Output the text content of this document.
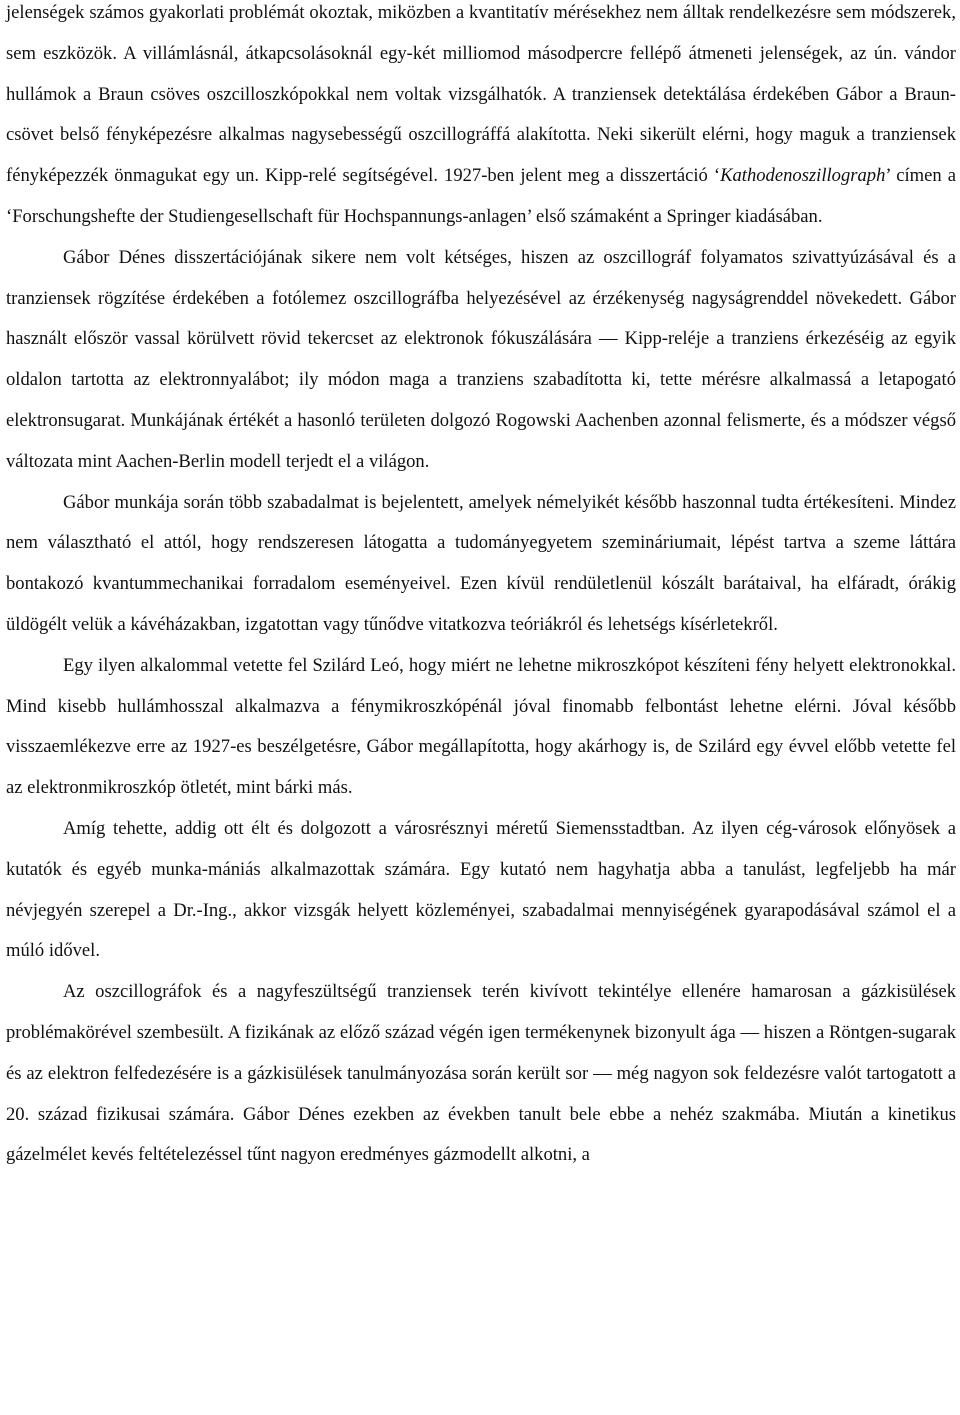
jelenségek számos gyakorlati problémát okoztak, miközben a kvantitatív mérésekhez nem álltak rendelkezésre sem módszerek, sem eszközök. A villámlásnál, átkapcsolásoknál egy-két milliomod másodpercre fellépő átmeneti jelenségek, az ún. vándor hullámok a Braun csöves oszcilloszkópokkal nem voltak vizsgálhatók. A tranziensek detektálása érdekében Gábor a Braun-csövet belső fényképezésre alkalmas nagysebességű oszcillográffá alakította. Neki sikerült elérni, hogy maguk a tranziensek fényképezzék önmagukat egy un. Kipp-relé segítségével. 1927-ben jelent meg a disszertáció ‘Kathodenoszillograph’ címen a ‘Forschungshefte der Studiengesellschaft für Hochspannungs-anlagen’ első számaként a Springer kiadásában.

Gábor Dénes disszertációjának sikere nem volt kétséges, hiszen az oszcillográf folyamatos szivattyúzásával és a tranziensek rögzítése érdekében a fotólemez oszcillográfba helyezésével az érzékenység nagyságrenddel növekedett. Gábor használt először vassal körülvett rövid tekercset az elektronok fókuszálására — Kipp-reléje a tranziens érkezéséig az egyik oldalon tartotta az elektronnyalábot; ily módon maga a tranziens szabadította ki, tette mérésre alkalmassá a letapogató elektronsugarat. Munkájának értékét a hasonló területen dolgozó Rogowski Aachenben azonnal felismerte, és a módszer végső változata mint Aachen-Berlin modell terjedt el a világon.

Gábor munkája során több szabadalmat is bejelentett, amelyek némelyikét később haszonnal tudta értékesíteni. Mindez nem választható el attól, hogy rendszeresen látogatta a tudományegyetem szemináriumait, lépést tartva a szeme láttára bontakozó kvantummechanikai forradalom eseményeivel. Ezen kívül rendületlenül kószált barátaival, ha elfáradt, órákig üldögélt velük a kávéházakban, izgatottan vagy tűnődve vitatkozva teóriákról és lehetségs kísérletekről.

Egy ilyen alkalommal vetette fel Szilárd Leó, hogy miért ne lehetne mikroszkópot készíteni fény helyett elektronokkal. Mind kisebb hullámhosszal alkalmazva a fénymikroszkópénál jóval finomabb felbontást lehetne elérni. Jóval később visszaemlékezve erre az 1927-es beszélgetésre, Gábor megállapította, hogy akárhogy is, de Szilárd egy évvel előbb vetette fel az elektronmikroszkóp ötletét, mint bárki más.

Amíg tehette, addig ott élt és dolgozott a városrésznyi méretű Siemensstadtban. Az ilyen cég-városok előnyösek a kutatók és egyéb munka-mániás alkalmazottak számára. Egy kutató nem hagyhatja abba a tanulást, legfeljebb ha már névjegyén szerepel a Dr.-Ing., akkor vizsgák helyett közleményei, szabadalmai mennyiségének gyarapodásával számol el a múló idővel.

Az oszcillográfok és a nagyfeszültségű tranziensek terén kivívott tekintélye ellenére hamarosan a gázkisülések problémakörével szembesült. A fizikának az előző század végén igen termékenynek bizonyult ága — hiszen a Röntgen-sugarak és az elektron felfedezésére is a gázkisülések tanulmányozása során került sor — még nagyon sok feldezésre valót tartogatott a 20. század fizikusai számára. Gábor Dénes ezekben az években tanult bele ebbe a nehéz szakmába. Miután a kinetikus gázelmélet kevés feltételezéssel tűnt nagyon eredményes gázmodellt alkotni, a
